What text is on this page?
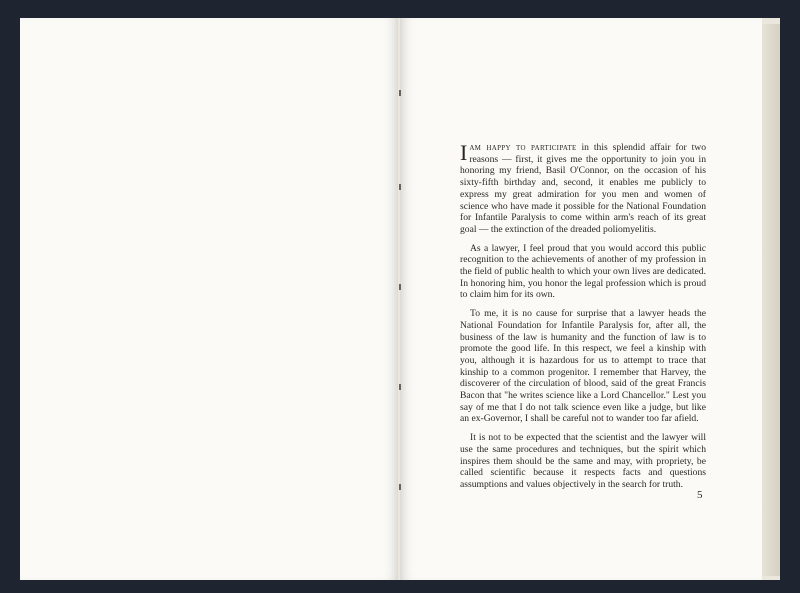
Iam happy to participate in this splendid affair for two reasons — first, it gives me the opportunity to join you in honoring my friend, Basil O'Connor, on the occasion of his sixty-fifth birthday and, second, it enables me publicly to express my great admiration for you men and women of science who have made it possible for the National Foundation for Infantile Paralysis to come within arm's reach of its great goal — the extinction of the dreaded poliomyelitis.

As a lawyer, I feel proud that you would accord this public recognition to the achievements of another of my profession in the field of public health to which your own lives are dedicated. In honoring him, you honor the legal profession which is proud to claim him for its own.

To me, it is no cause for surprise that a lawyer heads the National Foundation for Infantile Paralysis for, after all, the business of the law is humanity and the function of law is to promote the good life. In this respect, we feel a kinship with you, although it is hazardous for us to attempt to trace that kinship to a common progenitor. I remember that Harvey, the discoverer of the circulation of blood, said of the great Francis Bacon that "he writes science like a Lord Chancellor." Lest you say of me that I do not talk science even like a judge, but like an ex-Governor, I shall be careful not to wander too far afield.

It is not to be expected that the scientist and the lawyer will use the same procedures and techniques, but the spirit which inspires them should be the same and may, with propriety, be called scientific because it respects facts and questions assumptions and values objectively in the search for truth.

5
